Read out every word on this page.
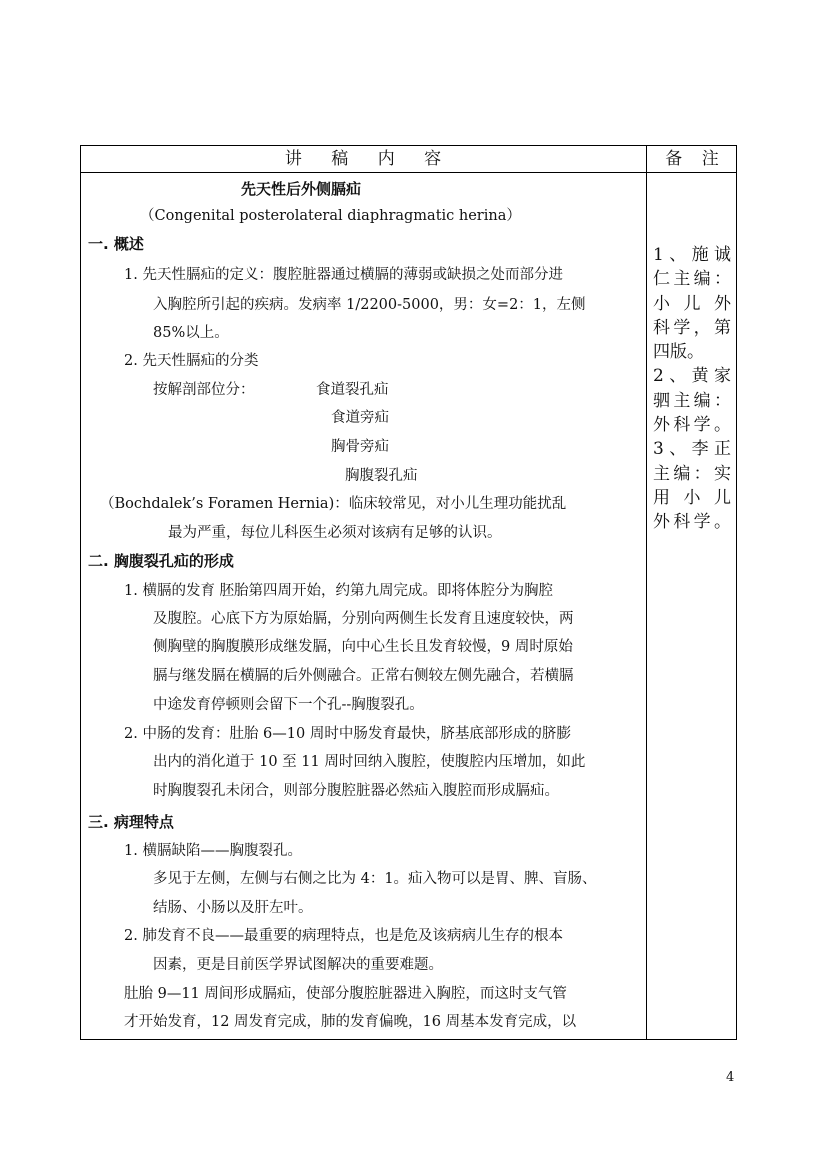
讲 稿 内 容	备 注
先天性后外侧膈疝
（Congenital posterolateral diaphragmatic herina）
一. 概述
1. 先天性膈疝的定义：腹腔脏器通过横膈的薄弱或缺损之处而部分进
入胸腔所引起的疾病。发病率 1/2200-5000，男：女=2：1，左侧
85%以上。
2. 先天性膈疝的分类
按解剖部位分：	食道裂孔疝
食道旁疝
胸骨旁疝
胸腹裂孔疝
（Bochdalek’s Foramen Hernia)：临床较常见，对小儿生理功能扰乱
最为严重，每位儿科医生必须对该病有足够的认识。
二. 胸腹裂孔疝的形成
1. 横膈的发育 胚胎第四周开始，约第九周完成。即将体腔分为胸腔
及腹腔。心底下方为原始膈，分别向两侧生长发育且速度较快，两
侧胸壁的胸腹膜形成继发膈，向中心生长且发育较慢，9 周时原始
膈与继发膈在横膈的后外侧融合。正常右侧较左侧先融合，若横膈
中途发育停顿则会留下一个孔--胸腹裂孔。
2. 中肠的发育：肚胎 6—10 周时中肠发育最快，脐基底部形成的脐膨
出内的消化道于 10 至 11 周时回纳入腹腔，使腹腔内压增加，如此
时胸腹裂孔未闭合，则部分腹腔脏器必然疝入腹腔而形成膈疝。
三. 病理特点
1. 横膈缺陷——胸腹裂孔。
多见于左侧，左侧与右侧之比为 4：1。疝入物可以是胃、脾、盲肠、
结肠、小肠以及肝左叶。
2. 肺发育不良——最重要的病理特点，也是危及该病病儿生存的根本
因素，更是目前医学界试图解决的重要难题。
肚胎 9—11 周间形成膈疝，使部分腹腔脏器进入胸腔，而这时支气管
才开始发育，12 周发育完成，肺的发育偏晚，16 周基本发育完成，以
1、施诚
仁主编：
小儿外
科学，第
四版。
2、黄家
驷主编：
外科学。
3、李正
主编：实
用小儿
外科学。
4
